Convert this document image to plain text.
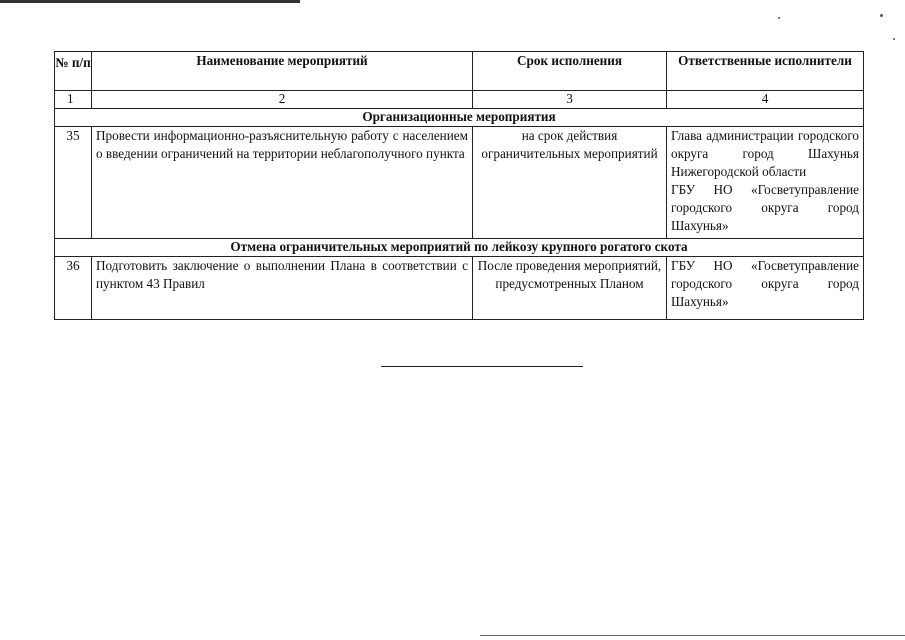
№ п/п	Наименование мероприятий	Срок исполнения	Ответственные исполнители
1	2	3	4
Организационные мероприятия			
35	Провести информационно-разъяснительную работу с населением о введении ограничений на территории неблагополучного пункта	на срок действия ограничительных мероприятий	Глава администрации городского округа город Шахунья Нижегородской области
ГБУ НО «Госветуправление городского округа город Шахунья»

Отмена ограничительных мероприятий по лейкозу крупного рогатого скота			
36	Подготовить заключение о выполнении Плана в соответствии с пунктом 43 Правил	После проведения мероприятий, предусмотренных Планом	ГБУ НО «Госветуправление городского округа город Шахунья»
